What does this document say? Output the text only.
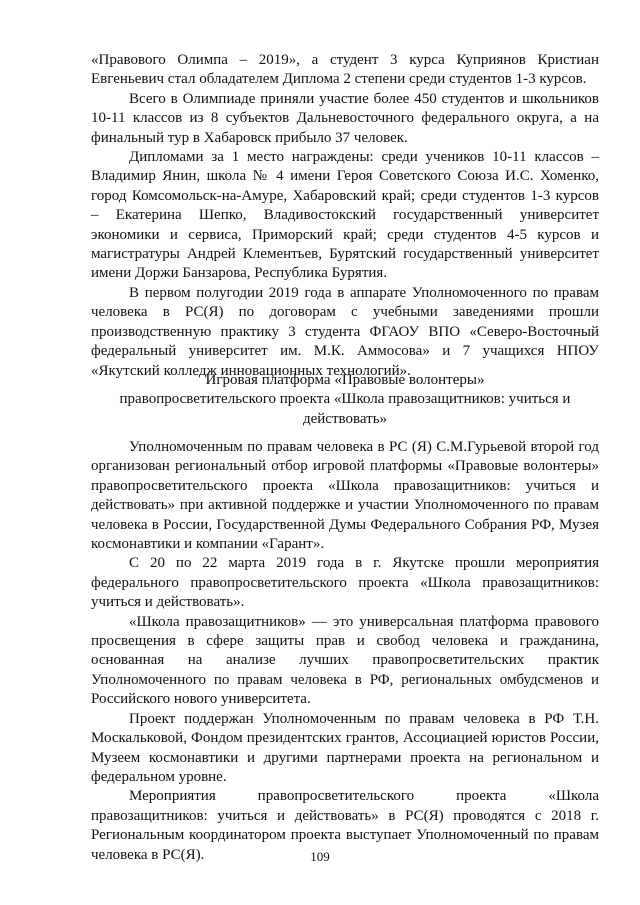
«Правового Олимпа – 2019», а студент 3 курса Куприянов Кристиан Евгеньевич стал обладателем Диплома 2 степени среди студентов 1-3 курсов.

Всего в Олимпиаде приняли участие более 450 студентов и школьников 10-11 классов из 8 субъектов Дальневосточного федерального округа, а на финальный тур в Хабаровск прибыло 37 человек.

Дипломами за 1 место награждены: среди учеников 10-11 классов – Владимир Янин, школа № 4 имени Героя Советского Союза И.С. Хоменко, город Комсомольск-на-Амуре, Хабаровский край; среди студентов 1-3 курсов – Екатерина Шепко, Владивостокский государственный университет экономики и сервиса, Приморский край; среди студентов 4-5 курсов и магистратуры Андрей Клементьев, Бурятский государственный университет имени Доржи Банзарова, Республика Бурятия.

В первом полугодии 2019 года в аппарате Уполномоченного по правам человека в РС(Я) по договорам с учебными заведениями прошли производственную практику 3 студента ФГАОУ ВПО «Северо-Восточный федеральный университет им. М.К. Аммосова» и 7 учащихся НПОУ «Якутский колледж инновационных технологий».

Игровая платформа «Правовые волонтеры»

правопросветительского проекта «Школа правозащитников: учиться и действовать»

Уполномоченным по правам человека в РС (Я) С.М.Гурьевой второй год организован региональный отбор игровой платформы «Правовые волонтеры» правопросветительского проекта «Школа правозащитников: учиться и действовать» при активной поддержке и участии Уполномоченного по правам человека в России, Государственной Думы Федерального Собрания РФ, Музея космонавтики и компании «Гарант».

С 20 по 22 марта 2019 года в г. Якутске прошли мероприятия федерального правопросветительского проекта «Школа правозащитников: учиться и действовать».

«Школа правозащитников» — это универсальная платформа правового просвещения в сфере защиты прав и свобод человека и гражданина, основанная на анализе лучших правопросветительских практик Уполномоченного по правам человека в РФ, региональных омбудсменов и Российского нового университета.

Проект поддержан Уполномоченным по правам человека в РФ Т.Н. Москальковой, Фондом президентских грантов, Ассоциацией юристов России, Музеем космонавтики и другими партнерами проекта на региональном и федеральном уровне.

Мероприятия правопросветительского проекта «Школа правозащитников: учиться и действовать» в РС(Я) проводятся с 2018 г. Региональным координатором проекта выступает Уполномоченный по правам человека в РС(Я).	109
